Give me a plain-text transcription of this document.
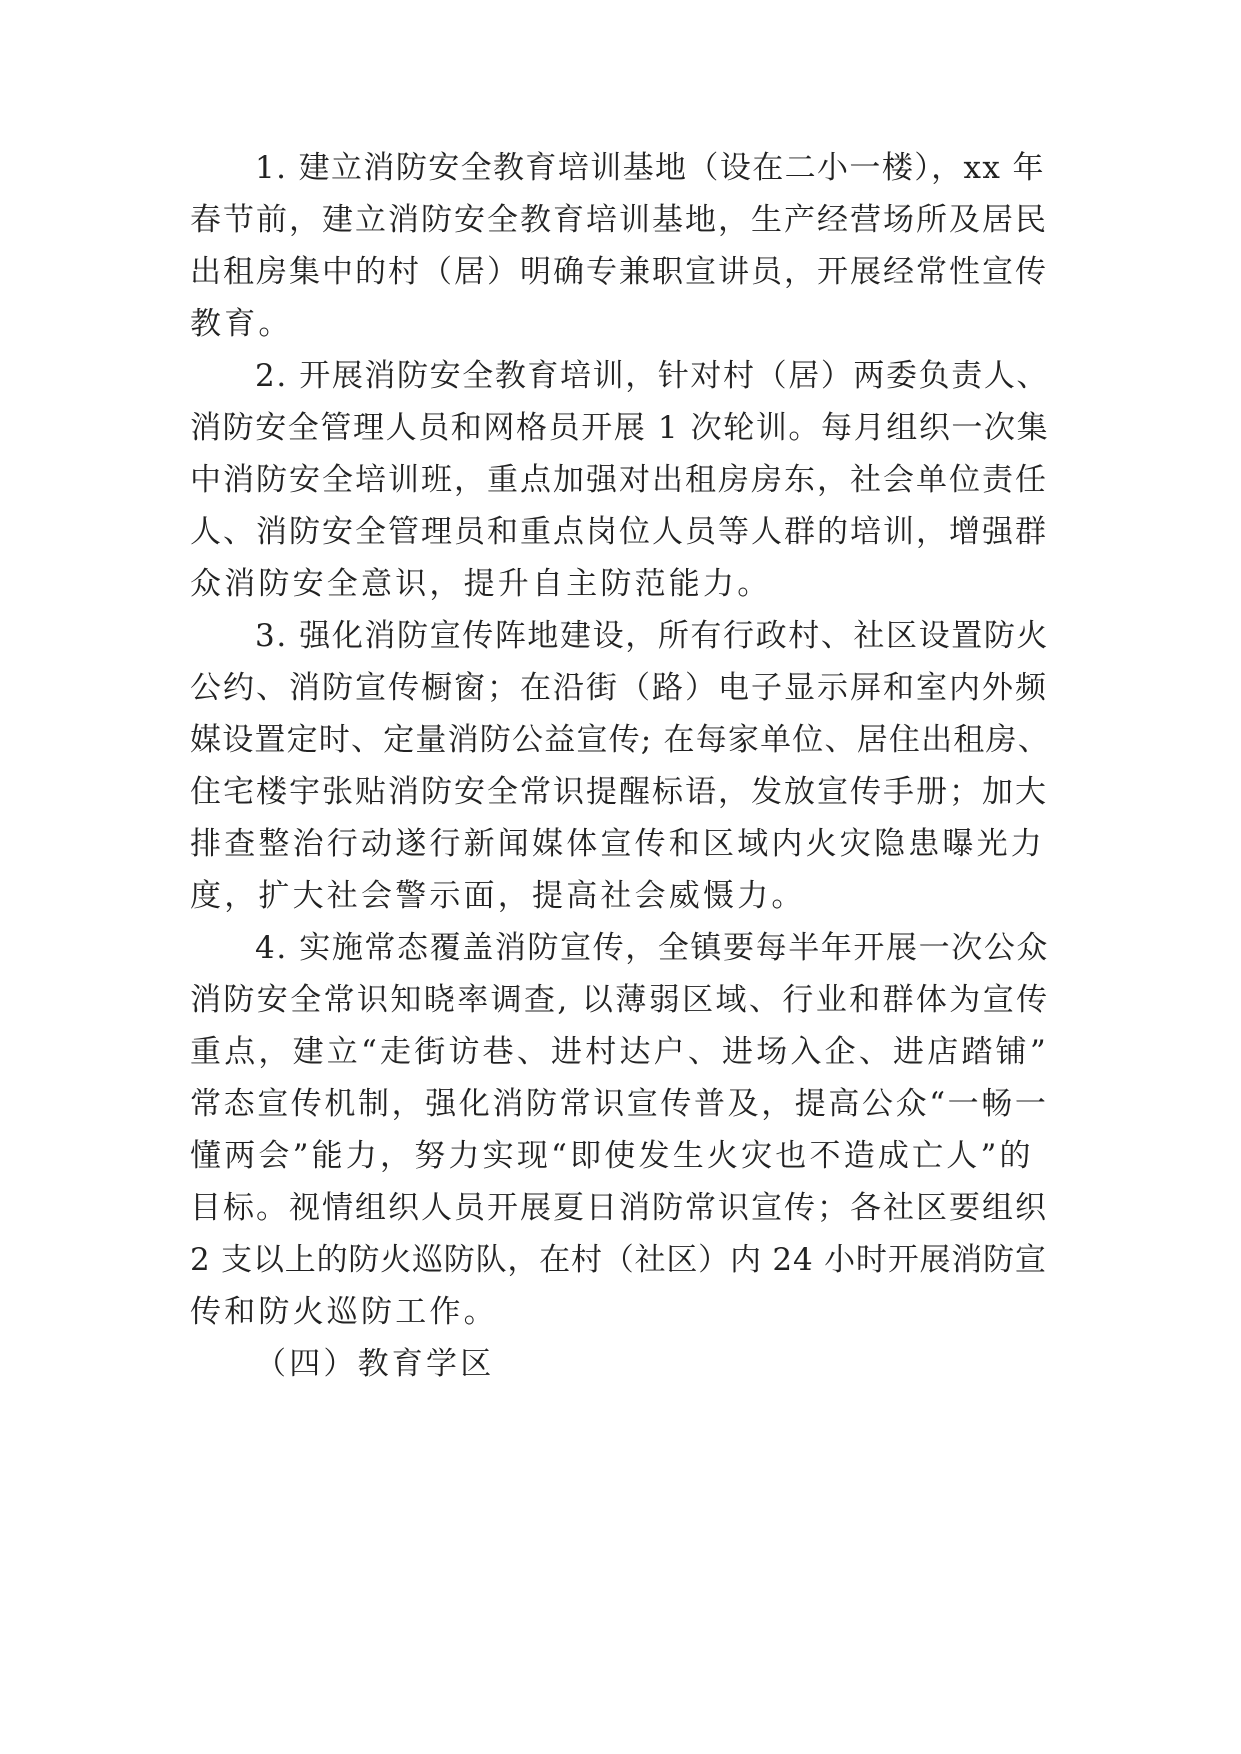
1. 建立消防安全教育培训基地（设在二小一楼），xx 年
春节前，建立消防安全教育培训基地，生产经营场所及居民
出租房集中的村（居）明确专兼职宣讲员，开展经常性宣传
教育。
2. 开展消防安全教育培训，针对村（居）两委负责人、
消防安全管理人员和网格员开展 1 次轮训。每月组织一次集
中消防安全培训班，重点加强对出租房房东，社会单位责任
人、消防安全管理员和重点岗位人员等人群的培训，增强群
众消防安全意识，提升自主防范能力。
3. 强化消防宣传阵地建设，所有行政村、社区设置防火
公约、消防宣传橱窗；在沿街（路）电子显示屏和室内外频
媒设置定时、定量消防公益宣传; 在每家单位、居住出租房、
住宅楼宇张贴消防安全常识提醒标语，发放宣传手册；加大
排查整治行动遂行新闻媒体宣传和区域内火灾隐患曝光力
度，扩大社会警示面，提高社会威慑力。
4. 实施常态覆盖消防宣传，全镇要每半年开展一次公众
消防安全常识知晓率调查, 以薄弱区域、行业和群体为宣传
重点，建立“走街访巷、进村达户、进场入企、进店踏铺”
常态宣传机制，强化消防常识宣传普及，提高公众“一畅一
懂两会”能力，努力实现“即使发生火灾也不造成亡人”的
目标。视情组织人员开展夏日消防常识宣传；各社区要组织
2 支以上的防火巡防队，在村（社区）内 24 小时开展消防宣
传和防火巡防工作。
（四）教育学区
